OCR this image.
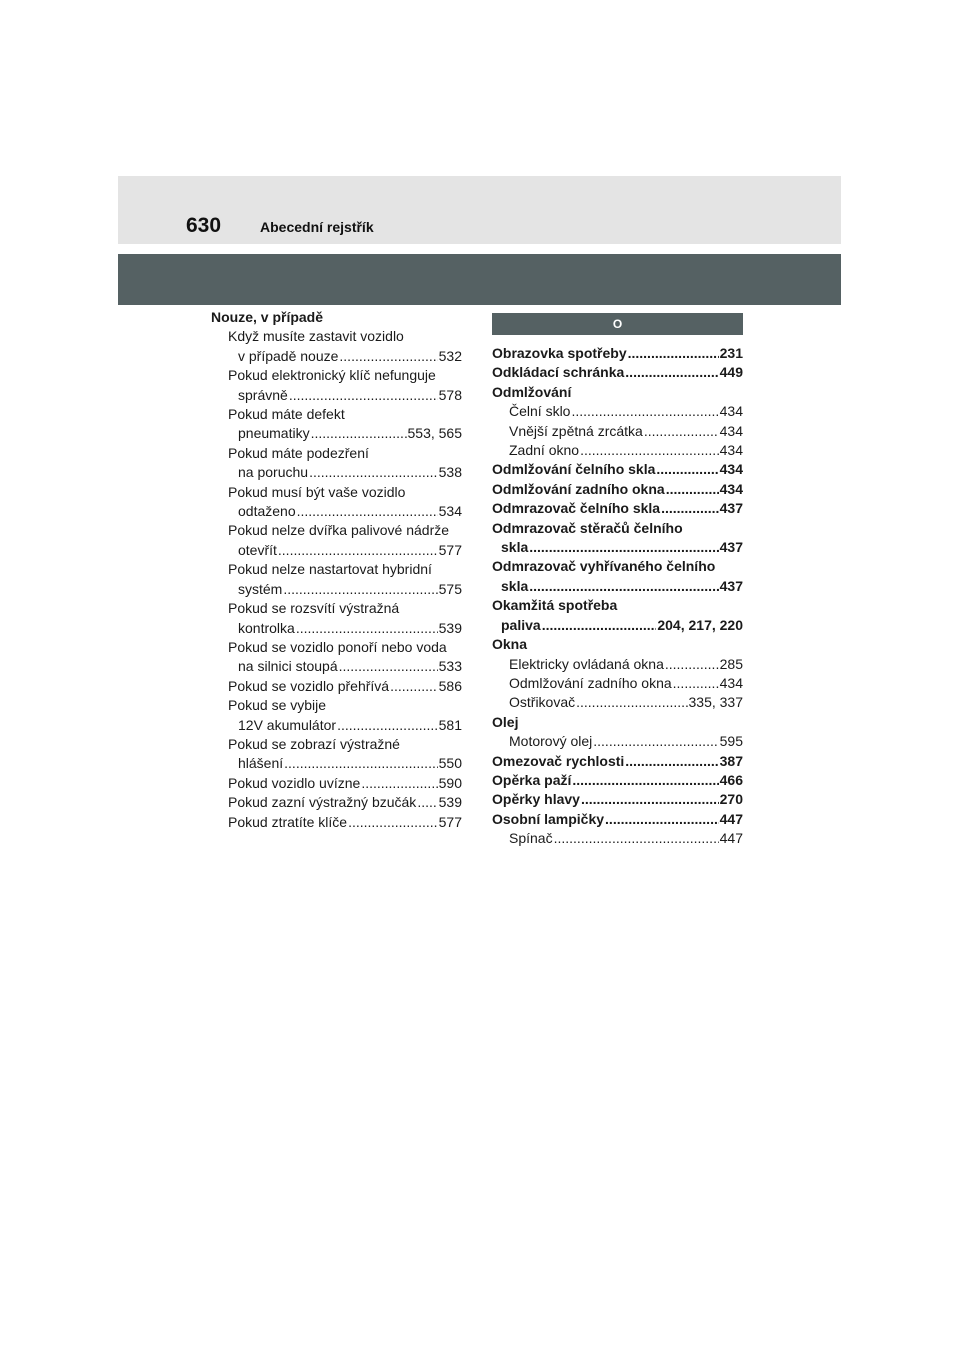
630	Abecední rejstřík
Nouze, v případě
Když musíte zastavit vozidlo
v případě nouze .....	532
Pokud elektronický klíč nefunguje
správně .....	578
Pokud máte defekt
pneumatiky .....	553, 565
Pokud máte podezření
na poruchu .....	538
Pokud musí být vaše vozidlo
odtaženo .....	534
Pokud nelze dvířka palivové nádrže
otevřít .....	577
Pokud nelze nastartovat hybridní
systém .....	575
Pokud se rozsvítí výstražná
kontrolka .....	539
Pokud se vozidlo ponoří nebo voda
na silnici stoupá .....	533
Pokud se vozidlo přehřívá .....	586
Pokud se vybije
12V akumulátor .....	581
Pokud se zobrazí výstražné
hlášení .....	550
Pokud vozidlo uvízne .....	590
Pokud zazní výstražný bzučák ..... 539
Pokud ztratíte klíče .....	577
O
Obrazovka spotřeby .....	231
Odkládací schránka .....	449
Odmlžování
Čelní sklo .....	434
Vnější zpětná zrcátka .....	434
Zadní okno .....	434
Odmlžování čelního skla .....	434
Odmlžování zadního okna .....	434
Odmrazovač čelního skla .....	437
Odmrazovač stěračů čelního
skla .....	437
Odmrazovač vyhřívaného čelního
skla .....	437
Okamžitá spotřeba
paliva .....	204, 217, 220
Okna
Elektricky ovládaná okna .....	285
Odmlžování zadního okna .....	434
Ostřikovač .....	335, 337
Olej
Motorový olej .....	595
Omezovač rychlosti .....	387
Opěrka paží .....	466
Opěrky hlavy .....	270
Osobní lampičky .....	447
Spínač .....	447
